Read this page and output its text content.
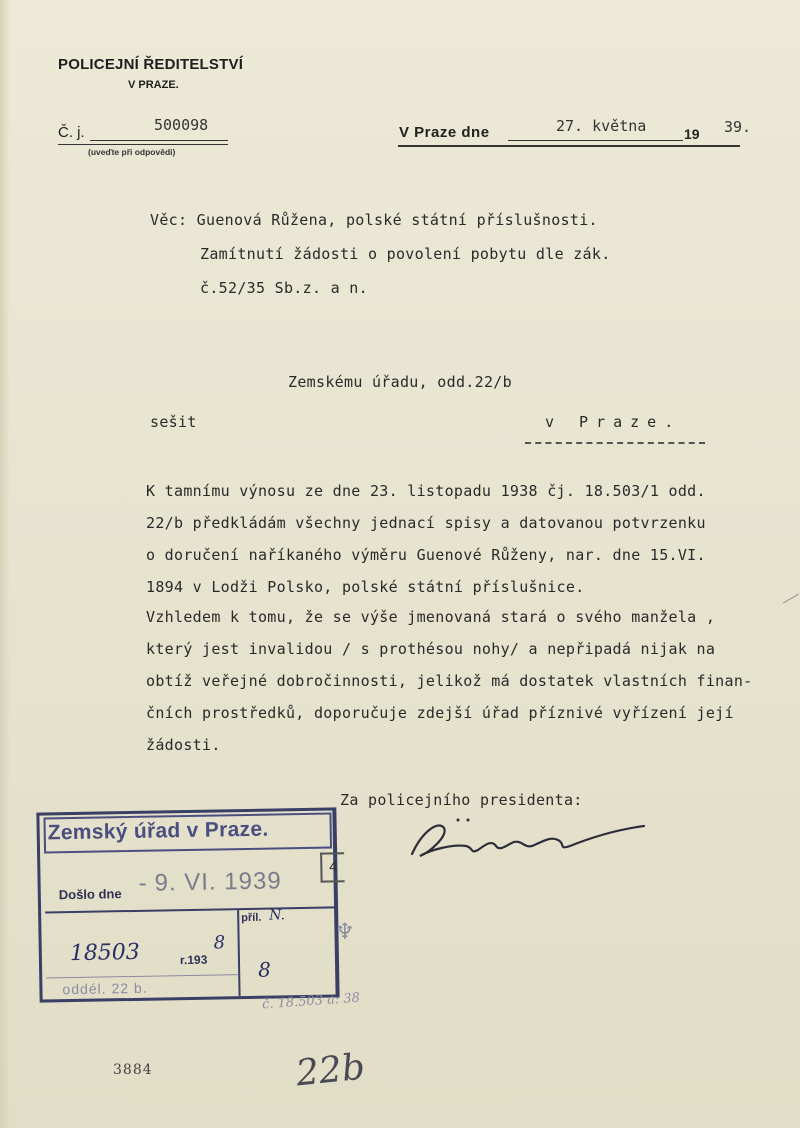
POLICEJNÍ ŘEDITELSTVÍ
V PRAZE.
Č. j.	500098
(uveďte při odpovědi)
V Praze dne	27. května	19 39.
Věc: Guenová Růžena, polské státní příslušnosti.
Zamítnutí žádosti o povolení pobytu dle zák.
č.52/35 Sb.z. a n.
Zemskému úřadu, odd.22/b
sešit	v Praze.
K tamnímu výnosu ze dne 23. listopadu 1938 čj. 18.503/1 odd.
22/b předkládám všechny jednací spisy a datovanou potvrzenku
o doručení naříkaného výměru Guenové Růženy, nar. dne 15.VI.
1894 v Lodži Polsko, polské státní příslušnice.
Vzhledem k tomu, že se výše jmenovaná stará o svého manžela ,
který jest invalidou / s prothésou nohy/ a nepřipadá nijak na
obtíž veřejné dobročinnosti, jelikož má dostatek vlastních finan-
čních prostředků, doporučuje zdejší úřad příznivé vyřízení její
žádosti.
Za policejního presidenta:
Zemský úřad v Praze.
4
Došlo dne 9. VI. 1939
-
příl. N.
18503	r.193
8
8
oddél. 22 b.
♆
č. 18.503 a: 38
3884	22b
